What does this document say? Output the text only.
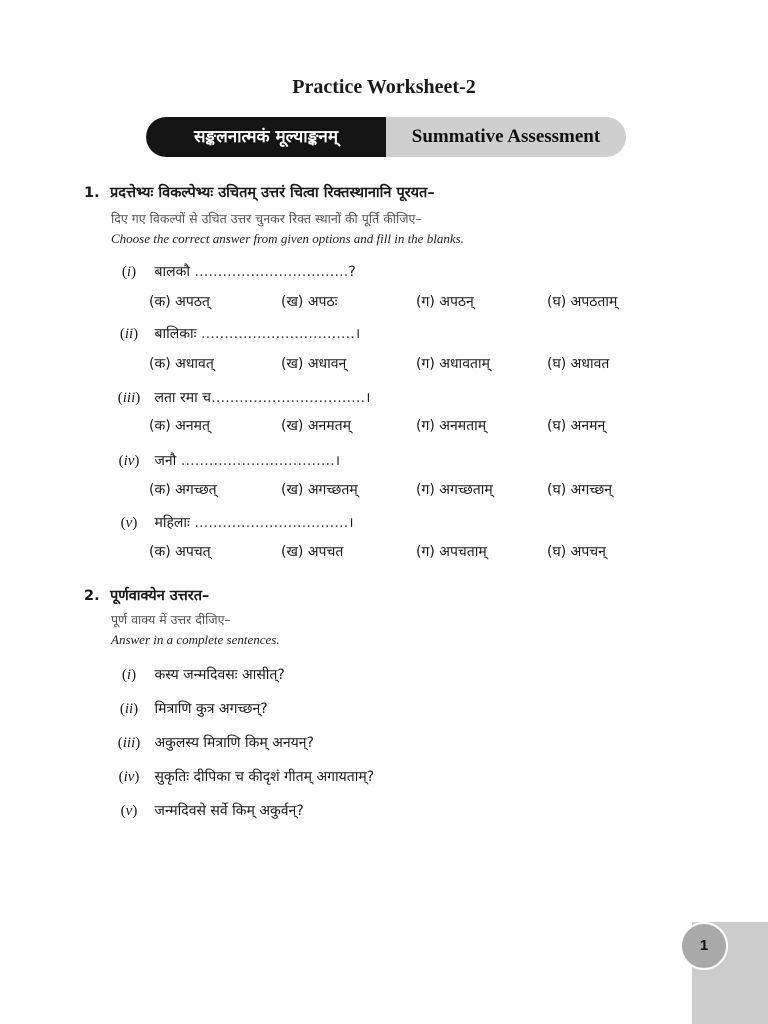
Practice Worksheet-2
सङ्कलनात्मकं मूल्याङ्कनम्	Summative Assessment
1. प्रदत्तेभ्यः विकल्पेभ्यः उचितम् उत्तरं चित्वा रिक्तस्थानानि पूरयत–
दिए गए विकल्पों से उचित उत्तर चुनकर रिक्त स्थानों की पूर्ति कीजिए–
Choose the correct answer from given options and fill in the blanks.
(i) बालकौ ……………………………?
(क) अपठत्	(ख) अपठः	(ग) अपठन्	(घ) अपठताम्
(ii) बालिकाः ……………………………।
(क) अधावत्	(ख) अधावन्	(ग) अधावताम्	(घ) अधावत
(iii) लता रमा च……………………………।
(क) अनमत्	(ख) अनमतम्	(ग) अनमताम्	(घ) अनमन्
(iv) जनौ ……………………………।
(क) अगच्छत्	(ख) अगच्छतम्	(ग) अगच्छताम्	(घ) अगच्छन्
(v) महिलाः ……………………………।
(क) अपचत्	(ख) अपचत	(ग) अपचताम्	(घ) अपचन्
2. पूर्णवाक्येन उत्तरत–
पूर्ण वाक्य में उत्तर दीजिए–
Answer in a complete sentences.
(i) कस्य जन्मदिवसः आसीत्?
(ii) मित्राणि कुत्र अगच्छन्?
(iii) अकुलस्य मित्राणि किम् अनयन्?
(iv) सुकृतिः दीपिका च कीदृशं गीतम् अगायताम्?
(v) जन्मदिवसे सर्वे किम् अकुर्वन्?
1
